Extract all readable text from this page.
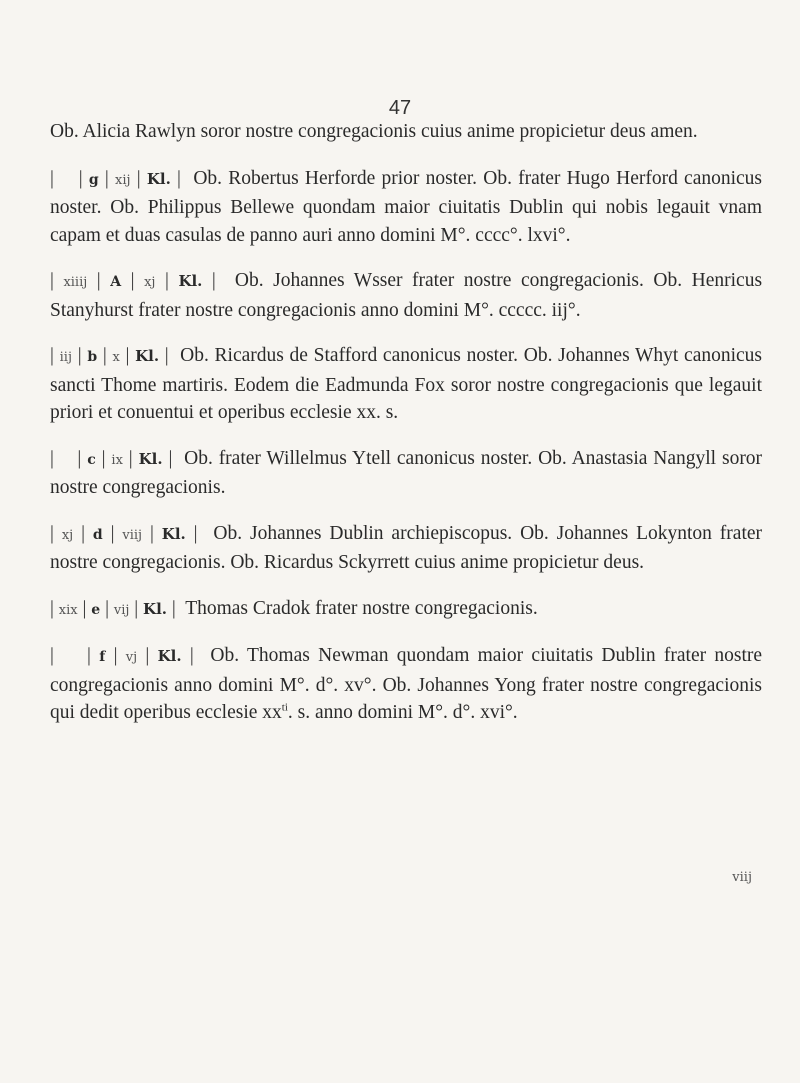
47

Ob. Alicia Rawlyn soror nostre congregacionis cuius anime propicietur deus amen.

|    | g | xij | Kl. |  Ob. Robertus Herforde prior noster. Ob. frater Hugo Herford canonicus noster. Ob. Philippus Bellewe quondam maior ciuitatis Dublin qui nobis legauit vnam capam et duas casulas de panno auri anno domini M°. cccc°. lxvi°.
| xiiij | A | xj | Kl. |  Ob. Johannes Wsser frater nostre congregacionis. Ob. Henricus Stanyhurst frater nostre congregacionis anno domini M°. ccccc. iij°.
| iij | b | x | Kl. |  Ob. Ricardus de Stafford canonicus noster. Ob. Johannes Whyt canonicus sancti Thome martiris. Eodem die Eadmunda Fox soror nostre congregacionis que legauit priori et conuentui et operibus ecclesie xx. s.
|    | c | ix | Kl. |  Ob. frater Willelmus Ytell canonicus noster. Ob. Anastasia Nangyll soror nostre congregacionis.
| xj | d | viij | Kl. |  Ob. Johannes Dublin archiepiscopus. Ob. Johannes Lokynton frater nostre congregacionis. Ob. Ricardus Sckyrrett cuius anime propicietur deus.
| xix | e | vij | Kl. |  Thomas Cradok frater nostre congregacionis.
|    | f | vj | Kl. |  Ob. Thomas Newman quondam maior ciuitatis Dublin frater nostre congregacionis anno domini M°. d°. xv°. Ob. Johannes Yong frater nostre congregacionis qui dedit operibus ecclesie $xx^{ti}$. s. anno domini M°. d°. xvi°.
viij
